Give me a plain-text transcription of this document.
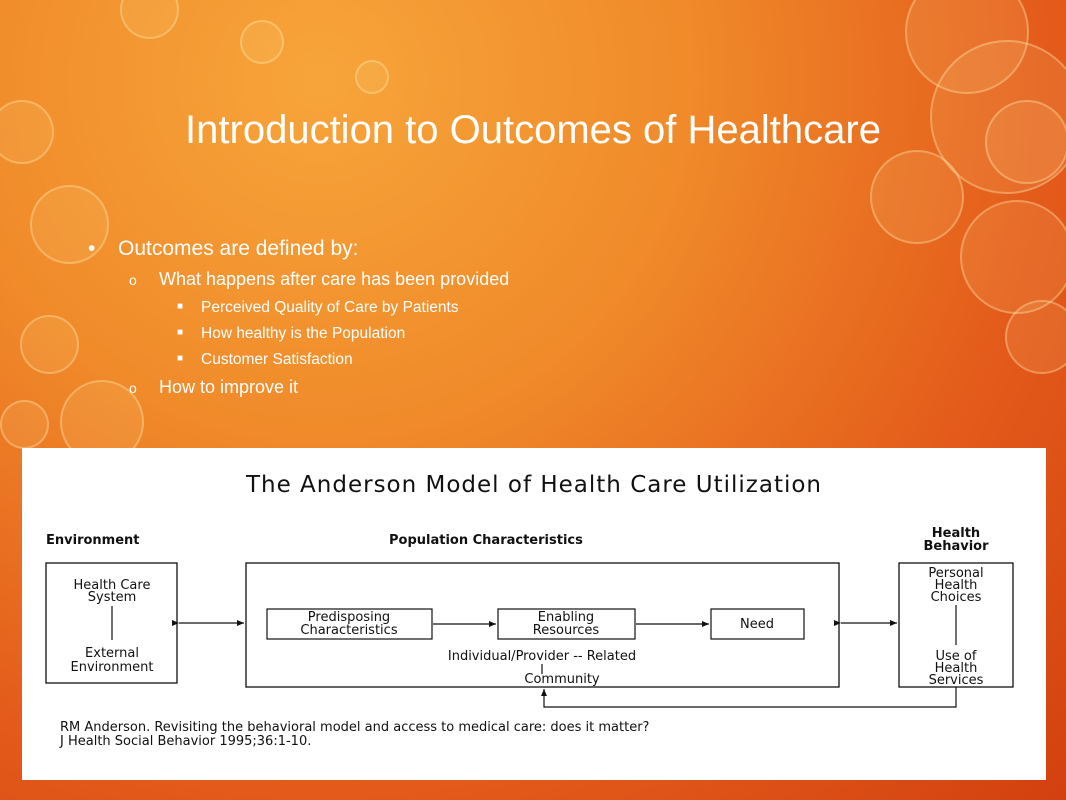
Introduction to Outcomes of Healthcare
• Outcomes are defined by:
o What happens after care has been provided
■ Perceived Quality of Care by Patients
■ How healthy is the Population
■ Customer Satisfaction
o How to improve it
The Anderson Model of Health Care Utilization
Environment	Population Characteristics	Health
Behavior
Health Care
System
External
Environment
Predisposing
Characteristics
Enabling
Resources	Need
Individual/Provider -- Related
Community
Personal
Health
Choices
Use of
Health
Services
RM Anderson. Revisiting the behavioral model and access to medical care: does it matter?
J Health Social Behavior 1995;36:1-10.
